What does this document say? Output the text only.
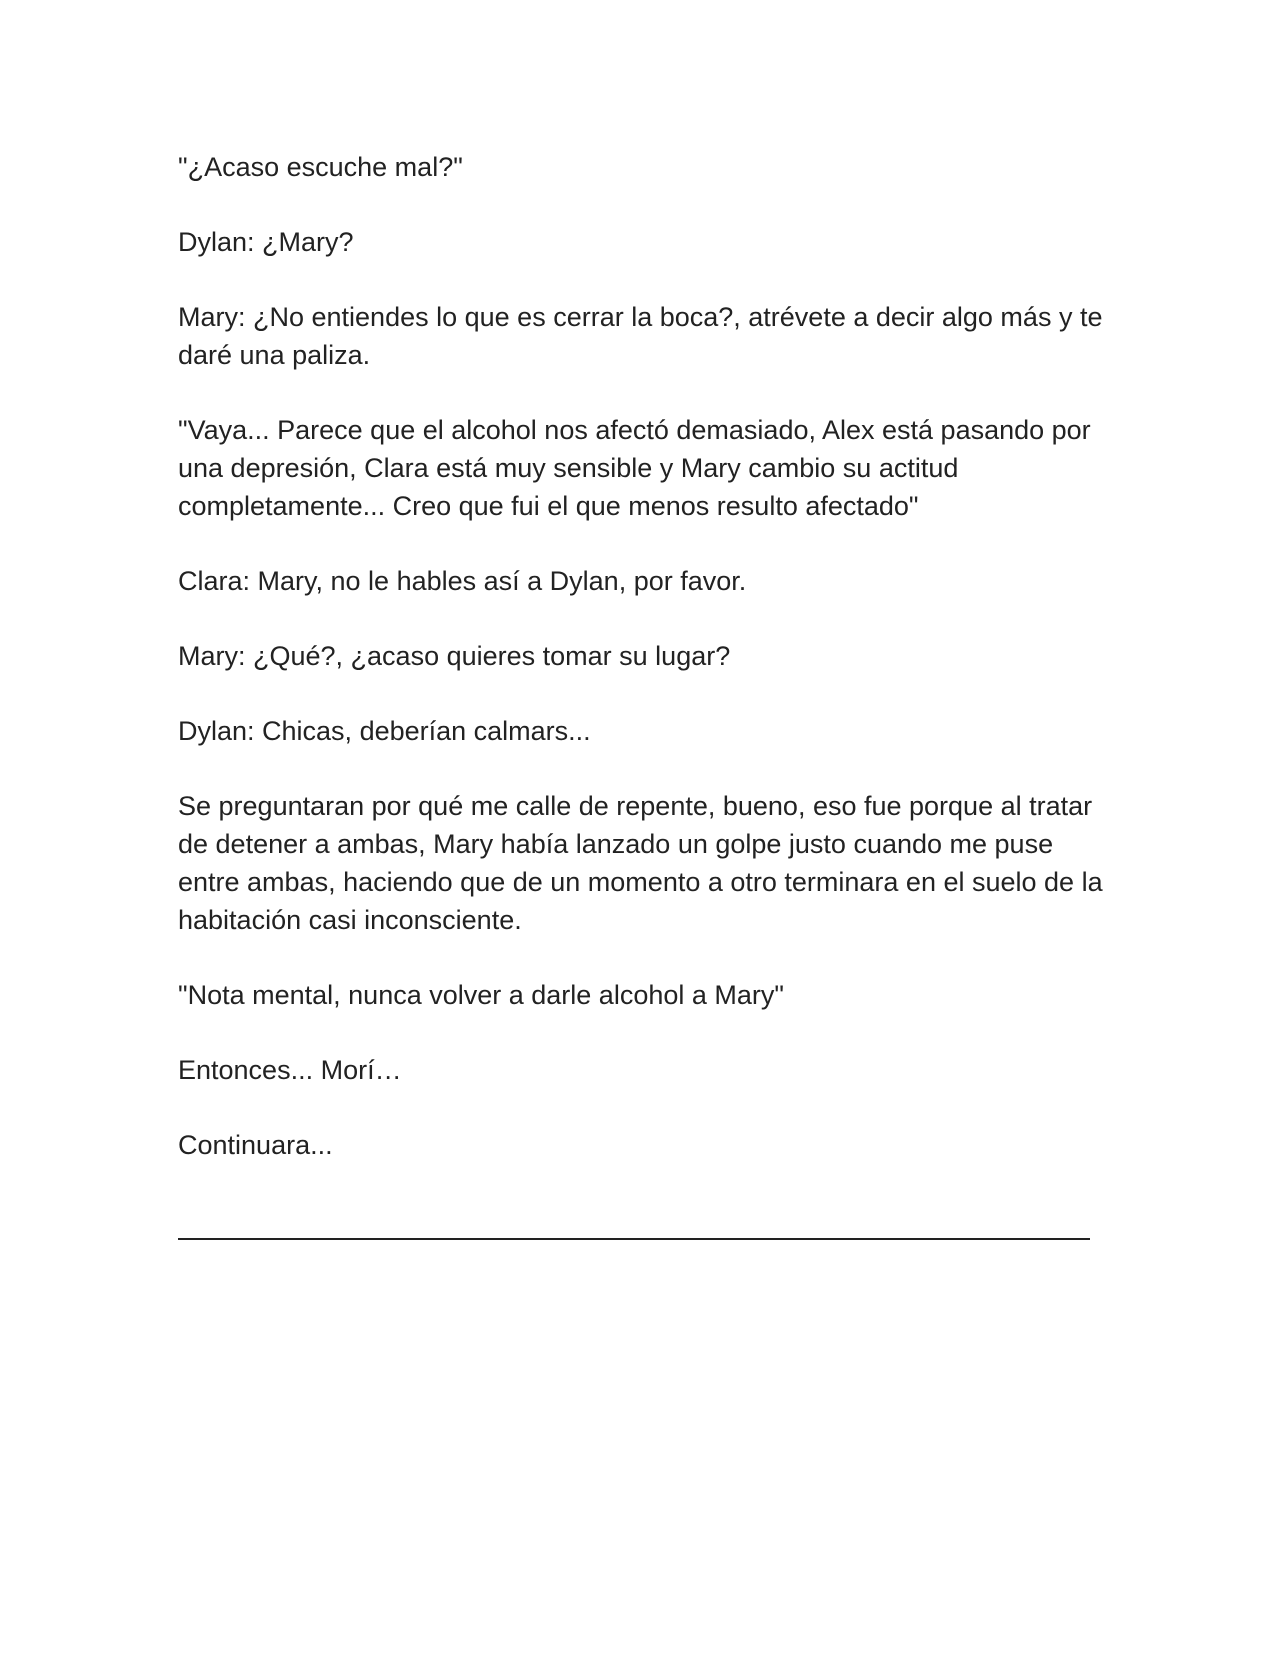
"¿Acaso escuche mal?"

Dylan: ¿Mary?

Mary: ¿No entiendes lo que es cerrar la boca?, atrévete a decir algo más y te daré una paliza.

"Vaya... Parece que el alcohol nos afectó demasiado, Alex está pasando por una depresión, Clara está muy sensible y Mary cambio su actitud completamente... Creo que fui el que menos resulto afectado"

Clara: Mary, no le hables así a Dylan, por favor.

Mary: ¿Qué?, ¿acaso quieres tomar su lugar?

Dylan: Chicas, deberían calmars...

Se preguntaran por qué me calle de repente, bueno, eso fue porque al tratar de detener a ambas, Mary había lanzado un golpe justo cuando me puse entre ambas, haciendo que de un momento a otro terminara en el suelo de la habitación casi inconsciente.

"Nota mental, nunca volver a darle alcohol a Mary"

Entonces... Morí…

Continuara...
